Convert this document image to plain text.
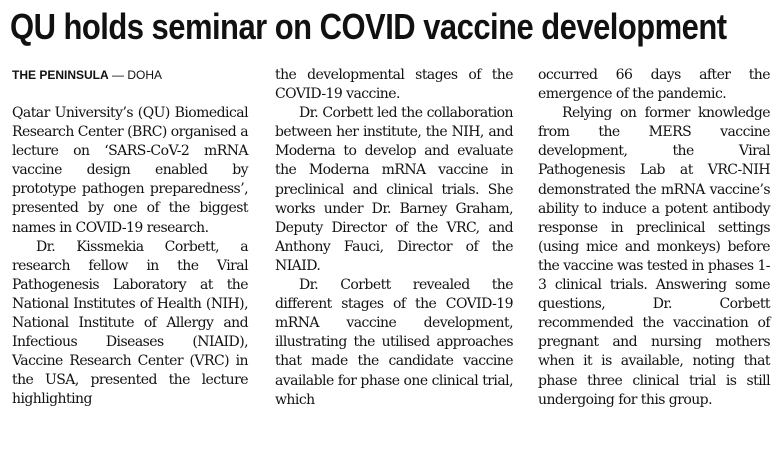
QU holds seminar on COVID vaccine development
THE PENINSULA — DOHA

Qatar University’s (QU) Biomedical Research Center (BRC) organised a lecture on ‘SARS-CoV-2 mRNA vaccine design enabled by prototype pathogen preparedness’, presented by one of the biggest names in COVID-19 research.

Dr. Kissmekia Corbett, a research fellow in the Viral Pathogenesis Laboratory at the National Institutes of Health (NIH), National Institute of Allergy and Infectious Diseases (NIAID), Vaccine Research Center (VRC) in the USA, presented the lecture highlighting

the developmental stages of the COVID-19 vaccine.

Dr. Corbett led the collaboration between her institute, the NIH, and Moderna to develop and evaluate the Moderna mRNA vaccine in preclinical and clinical trials. She works under Dr. Barney Graham, Deputy Director of the VRC, and Anthony Fauci, Director of the NIAID.

Dr. Corbett revealed the different stages of the COVID-19 mRNA vaccine development, illustrating the utilised approaches that made the candidate vaccine available for phase one clinical trial, which

occurred 66 days after the emergence of the pandemic.

Relying on former knowledge from the MERS vaccine development, the Viral Pathogenesis Lab at VRC-NIH demonstrated the mRNA vaccine’s ability to induce a potent antibody response in preclinical settings (using mice and monkeys) before the vaccine was tested in phases 1-3 clinical trials. Answering some questions, Dr. Corbett recommended the vaccination of pregnant and nursing mothers when it is available, noting that phase three clinical trial is still undergoing for this group.
